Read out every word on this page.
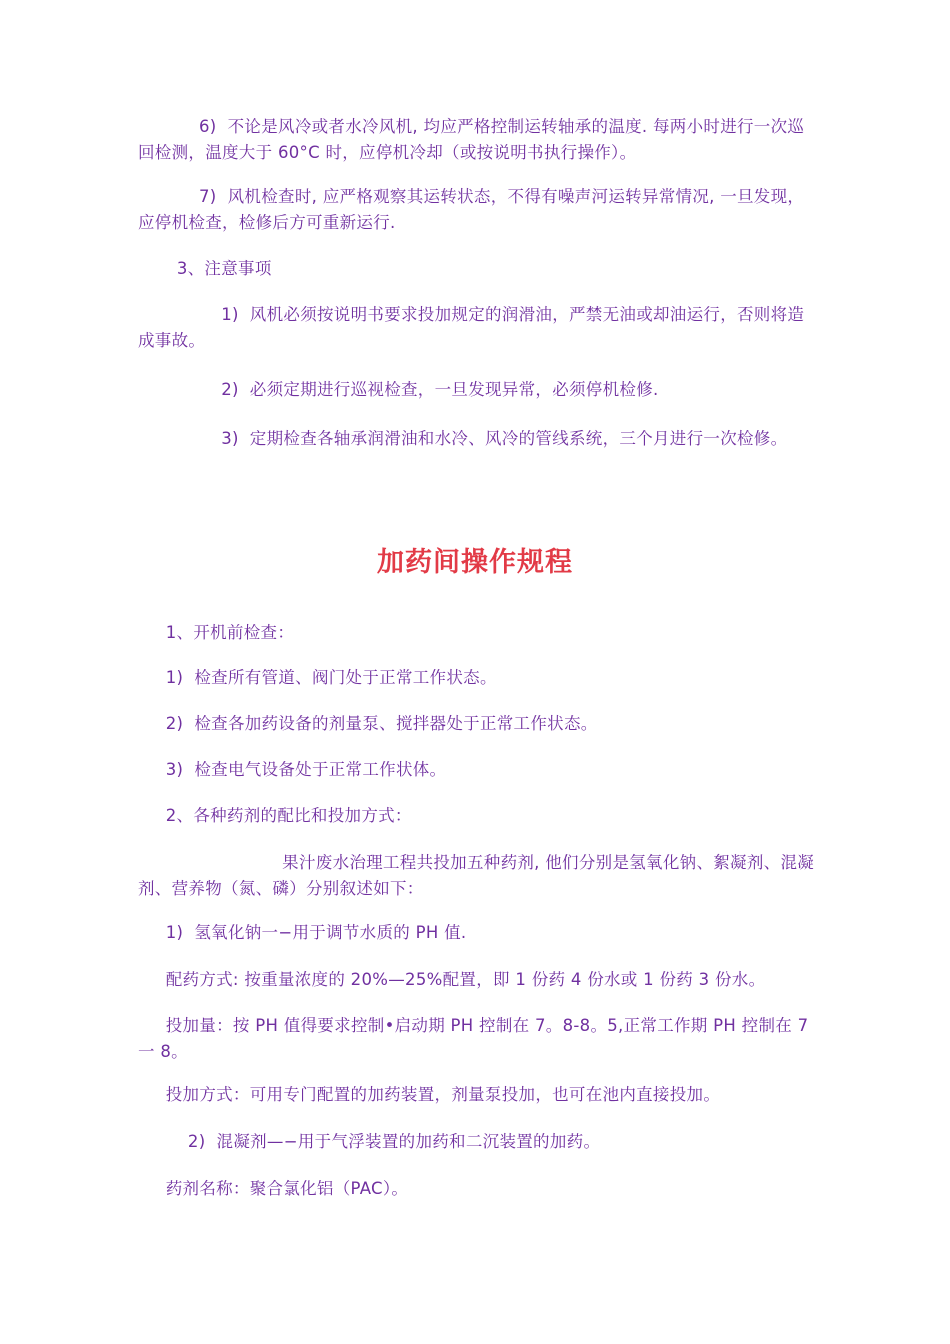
6)  不论是风冷或者水冷风机, 均应严格控制运转轴承的温度. 每两小时进行一次巡回检测，温度大于 60°C 时，应停机冷却（或按说明书执行操作）。

7)  风机检查时, 应严格观察其运转状态，不得有噪声河运转异常情况, 一旦发现，应停机检查，检修后方可重新运行.

3、注意事项

1)  风机必须按说明书要求投加规定的润滑油，严禁无油或却油运行，否则将造成事故。

2)  必须定期进行巡视检查，一旦发现异常，必须停机检修.

3)  定期检查各轴承润滑油和水冷、风冷的管线系统，三个月进行一次检修。

加药间操作规程

1、开机前检查：

1)  检查所有管道、阀门处于正常工作状态。

2)  检查各加药设备的剂量泵、搅拌器处于正常工作状态。

3)  检查电气设备处于正常工作状体。

2、各种药剂的配比和投加方式：

果汁废水治理工程共投加五种药剂, 他们分别是氢氧化钠、絮凝剂、混凝剂、营养物（氮、磷）分别叙述如下：

1)  氢氧化钠一−用于调节水质的 PH 值.

配药方式: 按重量浓度的 20%—25%配置，即 1 份药 4 份水或 1 份药 3 份水。

投加量：按 PH 值得要求控制•启动期 PH 控制在 7。8-8。5,正常工作期 PH 控制在 7 一 8。

投加方式：可用专门配置的加药装置，剂量泵投加，也可在池内直接投加。

2)  混凝剂—−用于气浮装置的加药和二沉装置的加药。

药剂名称：聚合氯化铝（PAC）。
